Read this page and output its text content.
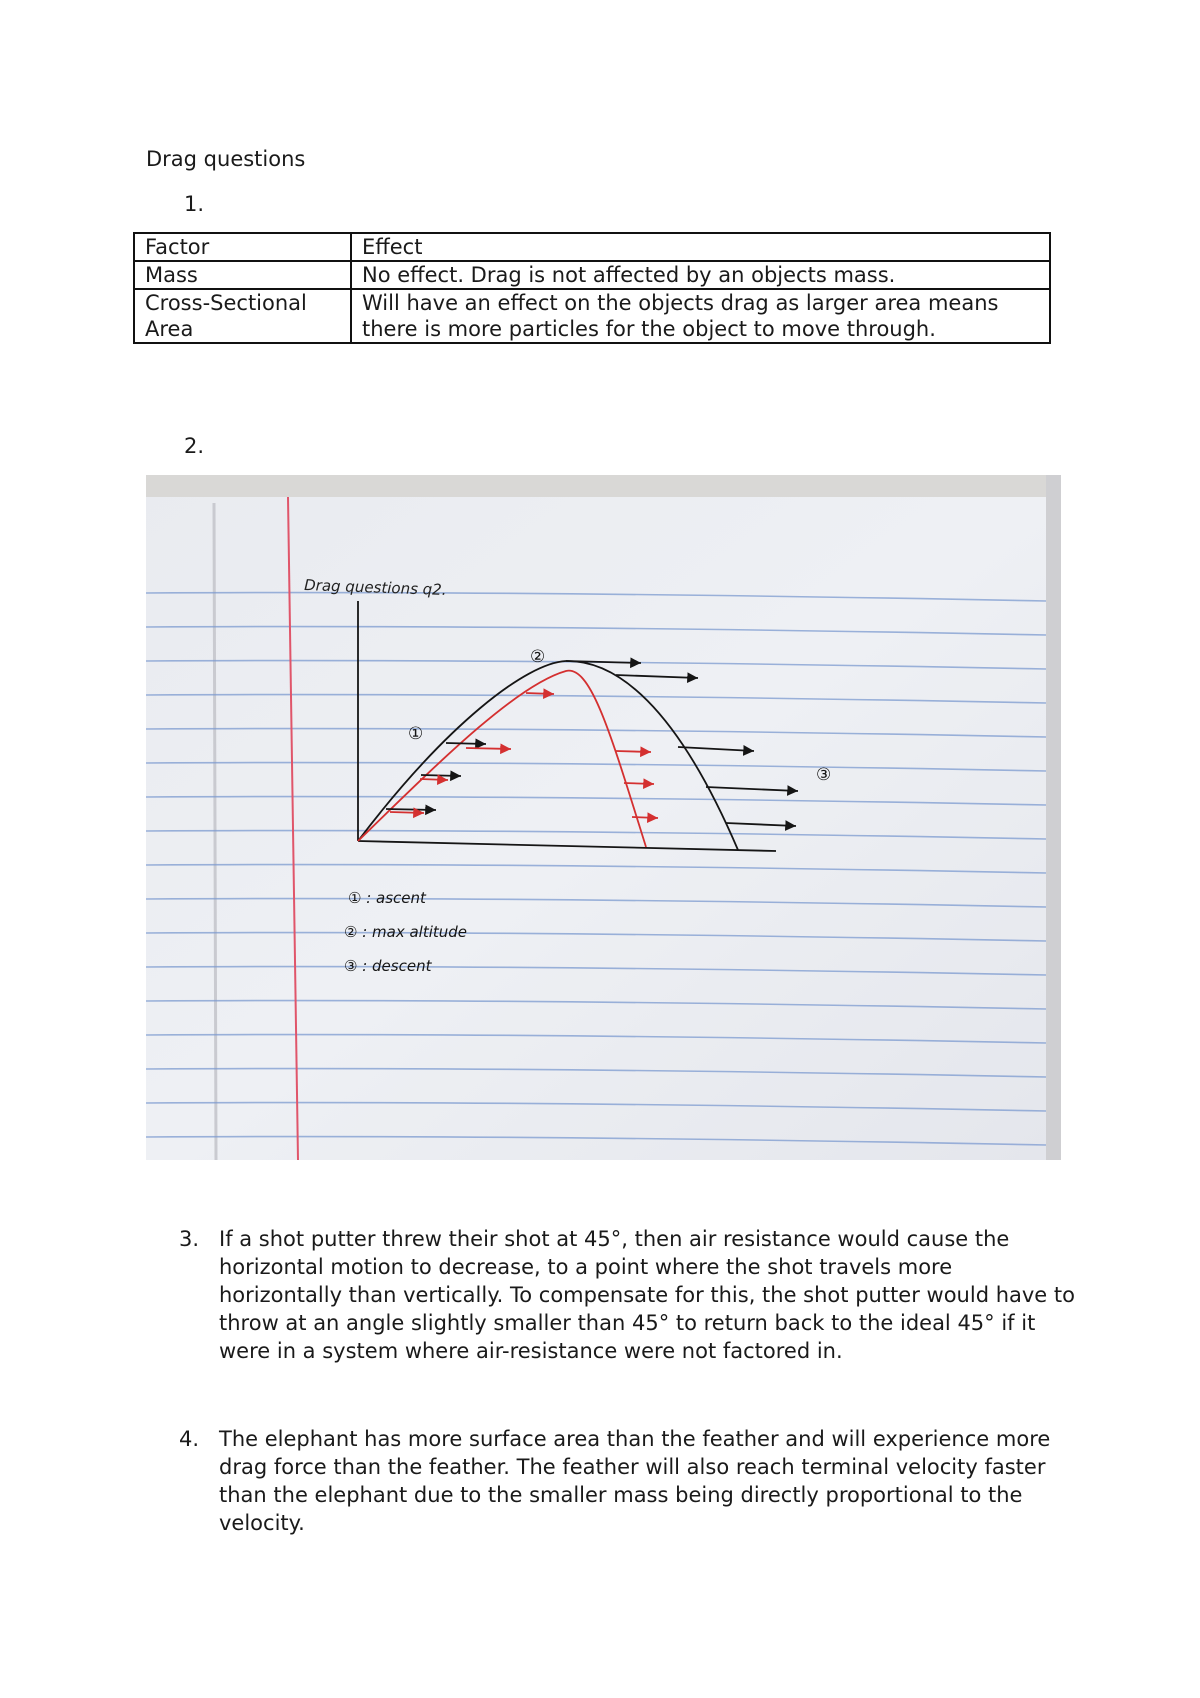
Drag questions
1.
Factor	Effect
Mass	No effect. Drag is not affected by an objects mass.
Cross-Sectional Area	Will have an effect on the objects drag as larger area means there is more particles for the object to move through.
2.
Drag questions q2.
②
①
③
① : ascent
② : max altitude
③ : descent
3. If a shot putter threw their shot at 45°, then air resistance would cause the horizontal motion to decrease, to a point where the shot travels more horizontally than vertically. To compensate for this, the shot putter would have to throw at an angle slightly smaller than 45° to return back to the ideal 45° if it were in a system where air-resistance were not factored in.
4. The elephant has more surface area than the feather and will experience more drag force than the feather. The feather will also reach terminal velocity faster than the elephant due to the smaller mass being directly proportional to the velocity.
